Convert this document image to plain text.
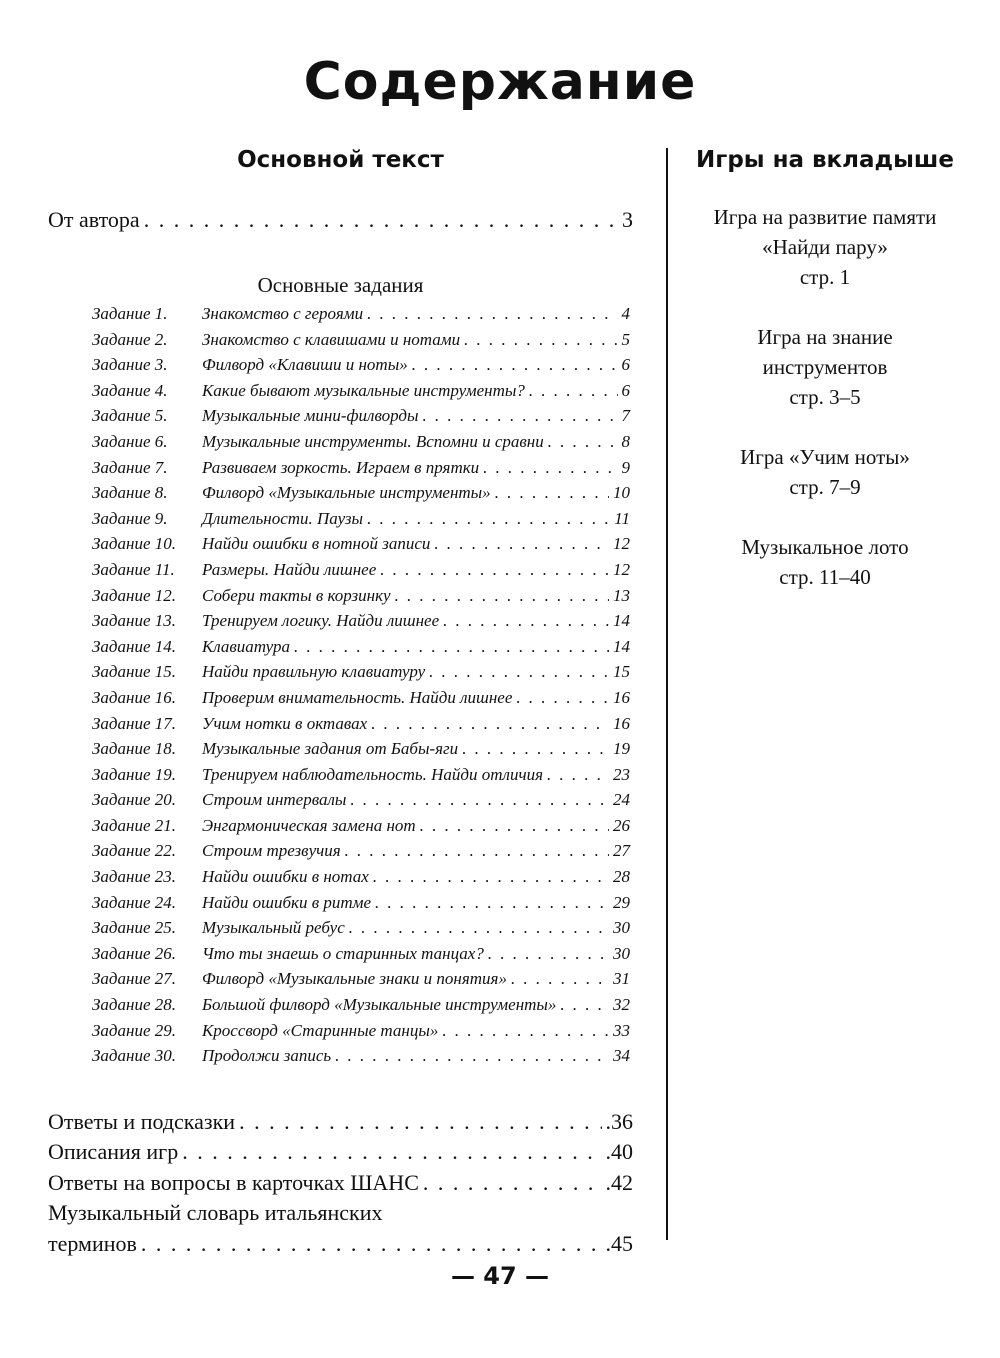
Содержание
Основной текст
От автора . . .	3
Основные задания
Задание 1. Знакомство с героями . . .	4
Задание 2. Знакомство с клавишами и нотами . . .	5
Задание 3. Филворд «Клавиши и ноты» . . .	6
Задание 4. Какие бывают музыкальные инструменты? . . .	6
Задание 5. Музыкальные мини-филворды . . .	7
Задание 6. Музыкальные инструменты. Вспомни и сравни . . .	8
Задание 7. Развиваем зоркость. Играем в прятки . . .	9
Задание 8. Филворд «Музыкальные инструменты» . . .	10
Задание 9. Длительности. Паузы . . .	11
Задание 10. Найди ошибки в нотной записи . . .	12
Задание 11. Размеры. Найди лишнее . . .	12
Задание 12. Собери такты в корзинку . . .	13
Задание 13. Тренируем логику. Найди лишнее . . .	14
Задание 14. Клавиатура . . .	14
Задание 15. Найди правильную клавиатуру . . .	15
Задание 16. Проверим внимательность. Найди лишнее . . .	16
Задание 17. Учим нотки в октавах . . .	16
Задание 18. Музыкальные задания от Бабы-яги . . .	19
Задание 19. Тренируем наблюдательность. Найди отличия . . .	23
Задание 20. Строим интервалы . . .	24
Задание 21. Энгармоническая замена нот . . .	26
Задание 22. Строим трезвучия . . .	27
Задание 23. Найди ошибки в нотах . . .	28
Задание 24. Найди ошибки в ритме . . .	29
Задание 25. Музыкальный ребус . . .	30
Задание 26. Что ты знаешь о старинных танцах? . . .	30
Задание 27. Филворд «Музыкальные знаки и понятия» . . .	31
Задание 28. Большой филворд «Музыкальные инструменты» . . .	32
Задание 29. Кроссворд «Старинные танцы» . . .	33
Задание 30. Продолжи запись . . .	34
Ответы и подсказки . . .	.36
Описания игр . . .	.40
Ответы на вопросы в карточках ШАНС . . .	.42
Музыкальный словарь итальянских
терминов . . .	.45
Игры на вкладыше
Игра на развитие памяти
«Найди пару»
стр. 1
Игра на знание
инструментов
стр. 3–5
Игра «Учим ноты»
стр. 7–9
Музыкальное лото
стр. 11–40
— 47 —
